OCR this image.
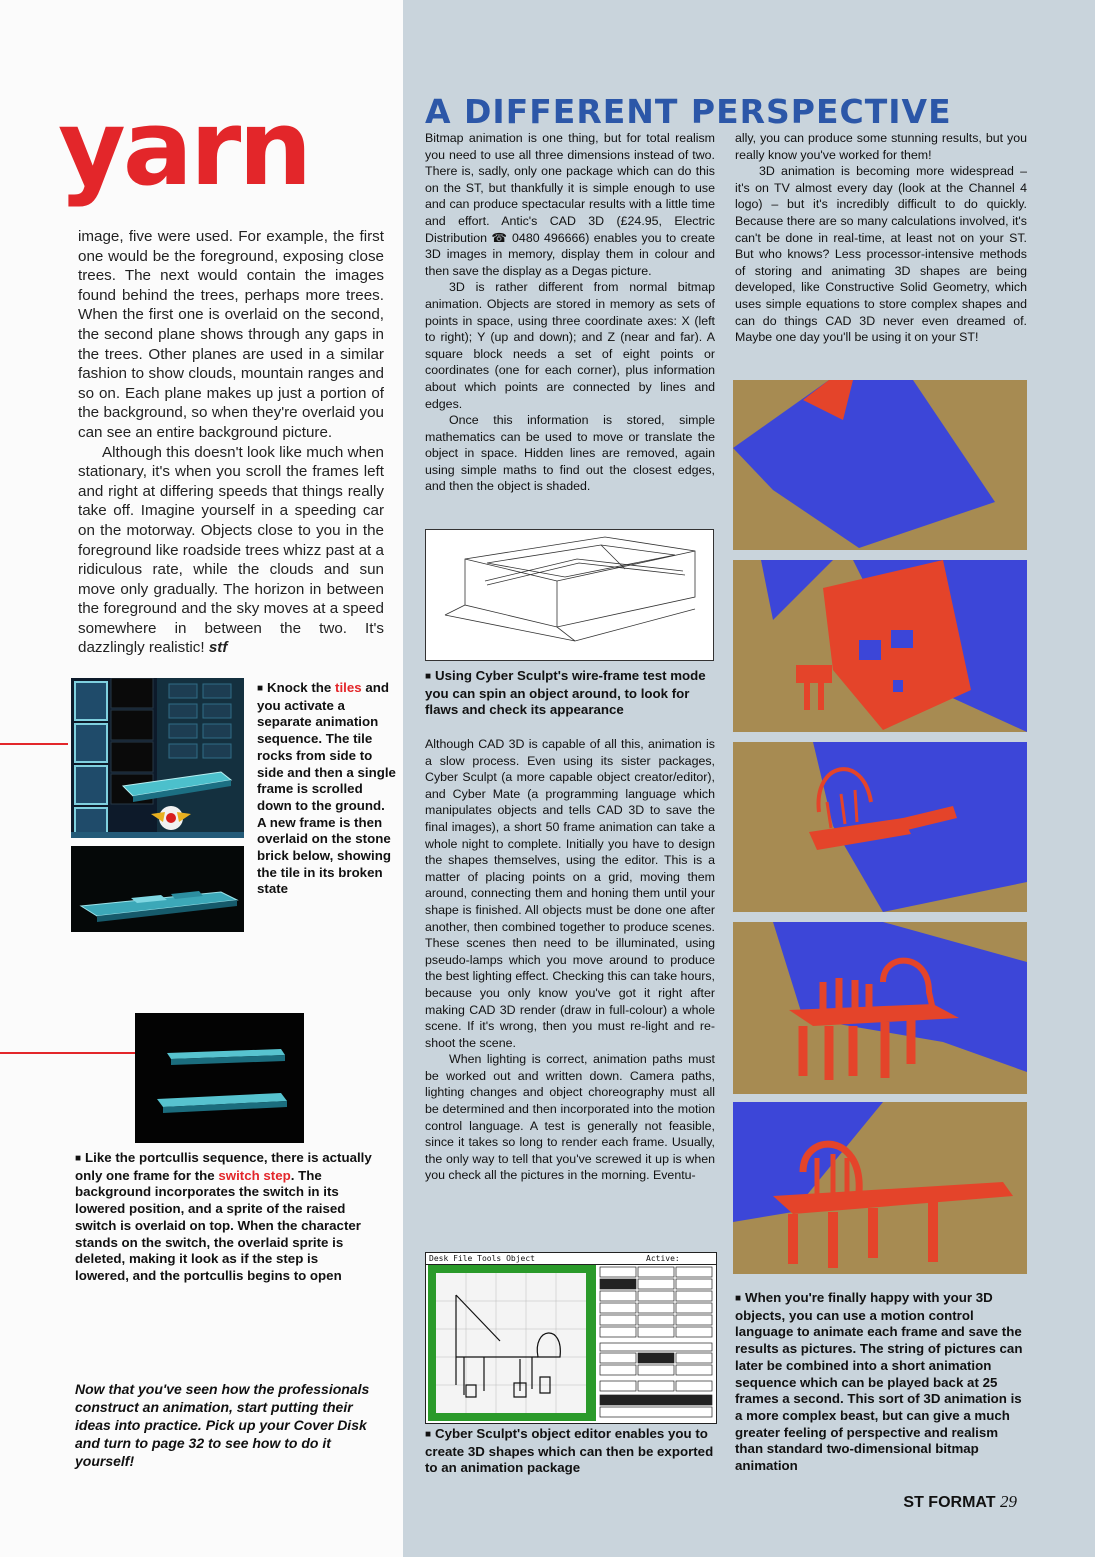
yarn

image, five were used. For example, the first one would be the foreground, exposing close trees. The next would contain the images found behind the trees, perhaps more trees. When the first one is overlaid on the second, the second plane shows through any gaps in the trees. Other planes are used in a similar fashion to show clouds, mountain ranges and so on. Each plane makes up just a portion of the background, so when they're overlaid you can see an entire background picture.

Although this doesn't look like much when stationary, it's when you scroll the frames left and right at differing speeds that things really take off. Imagine yourself in a speeding car on the motorway. Objects close to you in the foreground like roadside trees whizz past at a ridiculous rate, while the clouds and sun move only gradually. The horizon in between the foreground and the sky moves at a speed somewhere in between the two. It's dazzlingly realistic! stf

■ Knock the tiles and you activate a separate animation sequence. The tile rocks from side to side and then a single frame is scrolled down to the ground. A new frame is then overlaid on the stone brick below, showing the tile in its broken state

■ Like the portcullis sequence, there is actually only one frame for the switch step. The background incorporates the switch in its lowered position, and a sprite of the raised switch is overlaid on top. When the character stands on the switch, the overlaid sprite is deleted, making it look as if the step is lowered, and the portcullis begins to open

Now that you've seen how the professionals construct an animation, start putting their ideas into practice. Pick up your Cover Disk and turn to page 32 to see how to do it yourself!

A DIFFERENT PERSPECTIVE

Bitmap animation is one thing, but for total realism you need to use all three dimensions instead of two. There is, sadly, only one package which can do this on the ST, but thankfully it is simple enough to use and can produce spectacular results with a little time and effort. Antic's CAD 3D (£24.95, Electric Distribution ☎ 0480 496666) enables you to create 3D images in memory, display them in colour and then save the display as a Degas picture.

3D is rather different from normal bitmap animation. Objects are stored in memory as sets of points in space, using three coordinate axes: X (left to right); Y (up and down); and Z (near and far). A square block needs a set of eight points or coordinates (one for each corner), plus information about which points are connected by lines and edges.

Once this information is stored, simple mathematics can be used to move or translate the object in space. Hidden lines are removed, again using simple maths to find out the closest edges, and then the object is shaded.

■ Using Cyber Sculpt's wire-frame test mode you can spin an object around, to look for flaws and check its appearance

Although CAD 3D is capable of all this, animation is a slow process. Even using its sister packages, Cyber Sculpt (a more capable object creator/editor), and Cyber Mate (a programming language which manipulates objects and tells CAD 3D to save the final images), a short 50 frame animation can take a whole night to complete. Initially you have to design the shapes themselves, using the editor. This is a matter of placing points on a grid, moving them around, connecting them and honing them until your shape is finished. All objects must be done one after another, then combined together to produce scenes. These scenes then need to be illuminated, using pseudo-lamps which you move around to produce the best lighting effect. Checking this can take hours, because you only know you've got it right after making CAD 3D render (draw in full-colour) a whole scene. If it's wrong, then you must re-light and re-shoot the scene.

When lighting is correct, animation paths must be worked out and written down. Camera paths, lighting changes and object choreography must all be determined and then incorporated into the motion control language. A test is generally not feasible, since it takes so long to render each frame. Usually, the only way to tell that you've screwed it up is when you check all the pictures in the morning. Eventu-

Desk File Tools Object	Active:

■ Cyber Sculpt's object editor enables you to create 3D shapes which can then be exported to an animation package

ally, you can produce some stunning results, but you really know you've worked for them!

3D animation is becoming more widespread – it's on TV almost every day (look at the Channel 4 logo) – but it's incredibly difficult to do quickly. Because there are so many calculations involved, it's can't be done in real-time, at least not on your ST. But who knows? Less processor-intensive methods of storing and animating 3D shapes are being developed, like Constructive Solid Geometry, which uses simple equations to store complex shapes and can do things CAD 3D never even dreamed of. Maybe one day you'll be using it on your ST!

■ When you're finally happy with your 3D objects, you can use a motion control language to animate each frame and save the results as pictures. The string of pictures can later be combined into a short animation sequence which can be played back at 25 frames a second. This sort of 3D animation is a more complex beast, but can give a much greater feeling of perspective and realism than standard two-dimensional bitmap animation

ST FORMAT 29
